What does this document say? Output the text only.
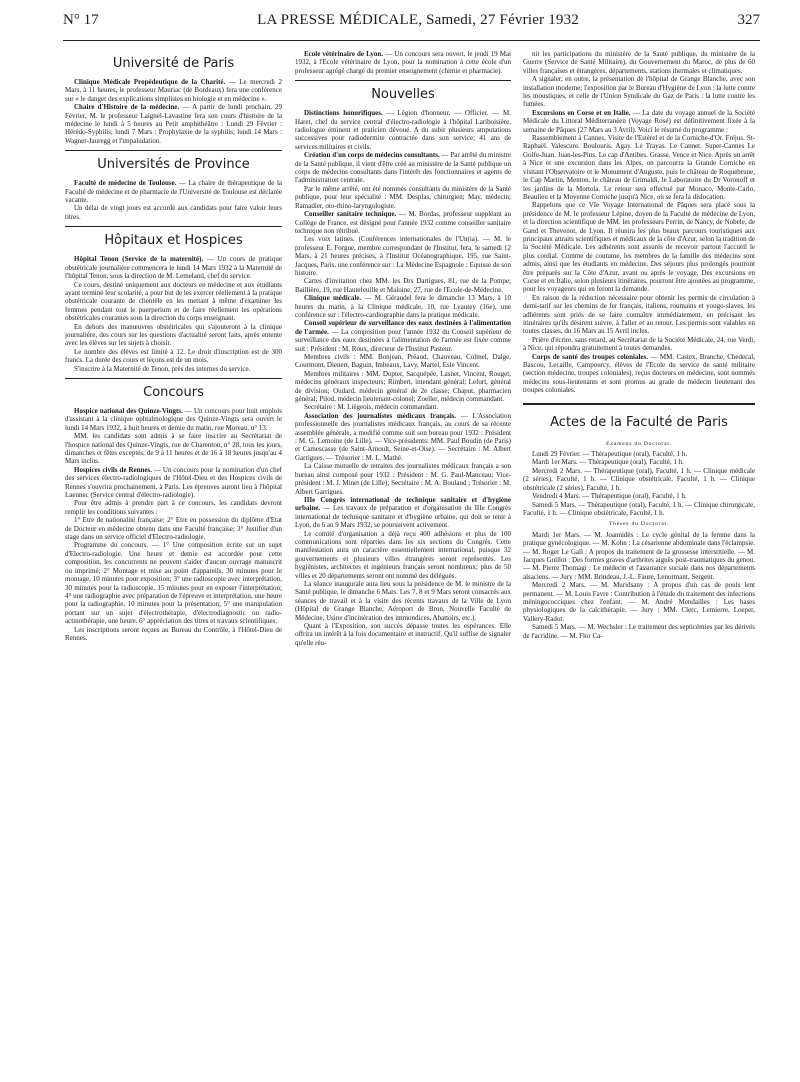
N° 17	LA PRESSE MÉDICALE, Samedi, 27 Février 1932	327
Université de Paris

Clinique Médicale Propédeutique de la Charité. — Le mercredi 2 Mars, à 11 heures, le professeur Mauriac (de Bordeaux) fera une conférence sur « le danger des explications simplistes en biologie et en médecine ».

Chaire d'Histoire de la médecine. — A partir de lundi prochain, 29 Février, M. le professeur Laignel-Lavastine fera son cours d'histoire de la médecine le lundi à 5 heures au Petit amphithéâtre : Lundi 29 Février : Hérédo-Syphilis; lundi 7 Mars : Prophylaxie de la syphilis; lundi 14 Mars : Wagner-Jauregg et l'impaludation.

Universités de Province

Faculté de médecine de Toulouse. — La chaire de thérapeutique de la Faculté de médecine et de pharmacie de l'Université de Toulouse est déclarée vacante.

Un délai de vingt jours est accordé aux candidats pour faire valoir leurs titres.

Hôpitaux et Hospices

Hôpital Tenon (Service de la maternité). — Un cours de pratique obstétricale journalière commencera le lundi 14 Mars 1932 à la Maternité de l'hôpital Tenon, sous la direction de M. Lemeland, chef du service.

Ce cours, destiné uniquement aux docteurs en médecine et aux étudiants ayant terminé leur scolarité, a pour but de les exercer réellement à la pratique obstétricale courante de clientèle en les mettant à même d'examiner les femmes pendant tout le puerperium et de faire réellement les opérations obstétricales courantes sous la direction du corps enseignant.

En dehors des manœuvres obstétricales qui s'ajouteront à la clinique journalière, des cours sur les questions d'actualité seront faits, après entente avec les élèves sur les sujets à choisir.

Le nombre des élèves est limité à 12. Le droit d'inscription est de 300 francs. La durée des cours et leçons est de un mois.

S'inscrire à la Maternité de Tenon, près des internes du service.

Concours

Hospice national des Quinze-Vingts. — Un concours pour huit emplois d'assistant à la clinique ophtalmologique des Quinze-Vingts sera ouvert le lundi 14 Mars 1932, à huit heures et demie du matin, rue Moreau, n° 13.

MM. les candidats sont admis à se faire inscrire au Secrétariat de l'hospice national des Quinze-Vingts, rue de Charenton, n° 28, tous les jours, dimanches et fêtes exceptés, de 9 à 11 heures et de 16 à 18 heures jusqu'au 4 Mars inclus.

Hospices civils de Rennes. — Un concours pour la nomination d'un chef des services électro-radiologiques de l'Hôtel-Dieu et des Hospices civils de Rennes s'ouvrira prochainement, à Paris. Les épreuves auront lieu à l'hôpital Laennec (Service central d'électro-radiologie).

Pour être admis à prendre part à ce concours, les candidats devront remplir les conditions suivantes :

1° Etre de nationalité française; 2° Etre en possession du diplôme d'Etat de Docteur en médecine obtenu dans une Faculté française; 3° Justifier d'un stage dans un service officiel d'Electro-radiologie.

Programme du concours. — 1° Une composition écrite sur un sujet d'Electro-radiologie. Une heure et demie est accordée pour cette composition, les concurrents ne peuvent s'aider d'aucun ouvrage manuscrit ou imprimé; 2° Montage et mise au point d'appareils, 30 minutes pour le montage, 10 minutes pour exposition; 3° une radioscopie avec interprétation, 30 minutes pour la radioscopie, 15 minutes pour en exposer l'interprétation; 4° une radiographie avec préparation de l'épreuve et interprétation, une heure pour la radiographie, 10 minutes pour la présentation; 5° une manipulation portant sur un sujet d'électrothérapie, d'électrodiagnostic ou radio-actinothérapie, une heure. 6° appréciation des titres et travaux scientifiques.

Les inscriptions seront reçues au Bureau du Contrôle, à l'Hôtel-Dieu de Rennes.

Ecole vétérinaire de Lyon. — Un concours sera ouvert, le jeudi 19 Mai 1932, à l'Ecole vétérinaire de Lyon, pour la nomination à cette école d'un professeur agrégé chargé du premier enseignement (chimie et pharmacie).

Nouvelles

Distinctions honorifiques. — Légion d'honneur. — Officier. — M. Haret, chef du service central d'électro-radiologie à l'hôpital Lariboisière, radiologue éminent et praticien dévoué. A du subir plusieurs amputations successives pour radiodermite contractée dans son service; 41 ans de services militaires et civils.

Création d'un corps de médecins consultants. — Par arrêté du ministre de la Santé publique, il vient d'être créé au ministère de la Santé publique un corps de médecins consultants dans l'intérêt des fonctionnaires et agents de l'administration centrale.

Par le même arrêté, ont été nommés consultants du ministère de la Santé publique, pour leur spécialité : MM. Desplas, chirurgien; May, médecin; Ramadier, oto-rhino-laryngologiste.

Conseiller sanitaire technique. — M. Bordas, professeur suppléant au Collège de France, est désigné pour l'année 1932 comme conseiller sanitaire technique non rétribué.

Les voix latines. (Conférences internationales de l'Un(ia). — M. le professeur E. Forgue, membre correspondant de l'Institut, fera, le samedi 12 Mars, à 21 heures précises, à l'Institut Océanographique, 195, rue Saint-Jacques, Paris, une conférence sur : La Médecine Espagnole : Equisse de son histoire.

Cartes d'invitation chez MM. les Drs Dartigues, 81, rue de la Pompe; Baillière, 19, rue Hautefeuille et Maloine, 27, rue de l'Ecole-de-Médecine.

Clinique médicale. — M. Géraudel fera le dimanche 13 Mars, à 10 heures du matin, à la Clinique médicale, 10, rue Lyautey (16e), une conférence sur : l'électro-cardiographie dans la pratique médicale.

Conseil supérieur de surveillance des eaux destinées à l'alimentation de l'armée. — La composition pour l'année 1932 du Conseil supérieur de surveillance des eaux destinées à l'alimentation de l'armée est fixée comme suit : Président : M. Roux, directeur de l'Institut Pasteur.

Membres civils : MM. Bonjean, Préaud, Chauveau, Colmel, Dalge, Courmont, Dienert, Baguin, Imbeaux, Lavy, Martel, Esle Vincent.

Membres militaires : MM. Dopter, Sacquépée, Lasnet, Vincent, Rouget, médecins généraux inspecteurs; Rimbert, intendant général; Lefort, général de division; Oudard, médecin général de 2e classe; Chaput, pharmacien général; Pilod, médecin lieutenant-colonel; Zoeller, médecin commandant.

Secrétaire : M. Liégeois, médecin commandant.

Association des journalistes médicaux français. — L'Association professionnelle des journalistes médicaux français, au cours de sa récente assemblée générale, a modifié comme suit son bureau pour 1932 : Président : M. G. Lemoine (de Lille). — Vice-présidents: MM. Paul Boudin (de Paris) et Camescasse (de Saint-Arnoult, Seine-et-Oise). — Secrétaire : M. Albert Garrigues. — Trésorier : M. L. Mathé.

La Caisse mutuelle de retraites des journalistes médicaux français a son bureau ainsi composé pour 1932 : Président : M. G. Paul-Manceau; Vice-président : M. J. Minet (de Lille); Secrétaire : M. A. Bouland ; Trésorier : M. Albert Garrigues.

IIIe Congrès international de technique sanitaire et d'hygiène urbaine. — Les travaux de préparation et d'organisation du IIIe Congrès international de technique sanitaire et d'hygiène urbaine, qui doit se tenir à Lyon, du 6 au 9 Mars 1932, se poursuivent activement.

Le comité d'organisation a déjà reçu 400 adhésions et plus de 100 communications sont réparties dans les six sections du Congrès. Cette manifestation aura un caractère essentiellement international, puisque 32 gouvernements et plusieurs villes étrangères seront représentés. Les hygiénistes, architectes et ingénieurs français seront nombreux; plus de 50 villes et 20 départements seront ont nommé des délégués.

La séance inaugurale aura lieu sous la présidence de M. le ministre de la Santé publique, le dimanche 6 Mars. Les 7, 8 et 9 Mars seront consacrés aux séances de travail et à la visite des récents travaux de la Ville de Lyon (Hôpital de Grange Blanche, Aéroport de Bron, Nouvelle Faculté de Médecine, Usine d'incinération des immondices, Abattoirs, etc.).

Quant à l'Exposition, son succès dépasse toutes les espérances. Elle offrira un intérêt à la fois documentaire et instructif. Qu'il suffise de signaler qu'elle réu-

nit les participations du ministère de la Santé publique, du ministère de la Guerre (Service de Santé Militaire), du Gouvernement du Maroc, de plus de 60 villes françaises et étrangères, départements, stations thermales et climatiques.

A signaler, en outre, la présentation de l'hôpital de Grange Blanche, avec son installation moderne; l'exposition par le Bureau d'Hygiène de Lyon : la lutte contre les moustiques, et celle de l'Union Syndicale du Gaz de Paris : la lutte contre les fumées.

Excursions en Corse et en Italie. — La date du voyage annuel de la Société Médicale du Littoral Méditerranéen (Voyage Rosé) est définitivement fixée à la semaine de Pâques (27 Mars au 3 Avril). Voici le résumé du programme :

Rassemblement à Cannes, Visite de l'Estérel et de la Corniche-d'Or. Fréjus. St-Raphaël. Valescure. Boulouris. Agay. Le Trayas. Le Cannet. Super-Cannes Le Golfe-Juan. Juan-les-Pins. Le cap d'Antibes. Grasse. Vence et Nice. Après un arrêt à Nice et une excursion dans les Alpes, on parcourra la Grande Corniche en visitant l'Observatoire et le Monument d'Auguste, puis le château de Roquebrune, le Cap Martin, Menton, le château de Grimaldi, le Laboratoire du Dr Voronoff et les jardins de la Mortola. Le retour sera effectué par Monaco, Monte-Carlo, Beaulieu et la Moyenne Corniche jusqu'à Nice, où se fera la dislocation.

Rappelons que ce VIe Voyage International de Pâques sera placé sous la présidence de M. le professeur Lépine, doyen de la Faculté de médecine de Lyon, et la direction scientifique de MM. les professeurs Perrin, de Nancy, de Nobele, de Gand et Thevenot, de Lyon. Il réunira les plus beaux parcours touristiques aux principaux attraits scientifiques et médicaux de la côte d'Azur, selon la tradition de la Société Médicale. Les adhérents sont assurés de recevoir partout l'accueil le plus cordial. Comme de coutume, les membres de la famille des médecins sont admis, ainsi que les étudiants en médecine. Des séjours plus prolongés pourront être préparés sur la Côte d'Azur, avant ou après le voyage. Des excursions en Corse et en Italie, selon plusieurs itinéraires, pourront être ajoutées au programme, pour les voyageurs qui en feront la demande.

En raison de la réduction nécessaire pour obtenir les permis de circulation à demi-tarif sur les chemins de fer français, italiens, roumains et yougo-slaves, les adhérents sont priés de se faire connaître immédiatement, en précisant les itinéraires qu'ils désirent suivre, à l'aller et au retour. Les permis sont valables en toutes classes, du 16 Mars au 15 Avril inclus.

Prière d'écrire, sans retard, au Secrétariat de la Société Médicale, 24, rue Verdi, à Nice, qui répondra gratuitement à toutes demandes.

Corps de santé des troupes coloniales. — MM. Castex, Branche, Chedecal, Bascou, Lecaille, Campourcy, élèves de l'Ecole du service de santé militaire (section médecine, troupes coloniales), reçus docteurs en médecine, sont nommés médecins sous-lieutenants et sont promus au grade de médecin lieutenant des troupes coloniales.

Actes de la Faculté de Paris

Examens du Doctorat.

Lundi 29 Février. — Thérapeutique (oral), Faculté, 1 h.

Mardi 1er Mars. — Thérapeutique (oral), Faculté, 1 h.

Mercredi 2 Mars. — Thérapeutique (oral), Faculté, 1 h. — Clinique médicale (2 séries), Faculté, 1 h. — Clinique obstétricale, Faculté, 1 h. — Clinique obstétricale (2 séries), Faculté, 1 h.

Vendredi 4 Mars. — Thérapeutique (oral), Faculté, 1 h.

Samedi 5 Mars. — Thérapeutique (oral), Faculté, 1 h. — Clinique chirurgicale, Faculté, 1 h. — Clinique obstétricale, Faculté, 1 h.

Thèses du Doctorat.

Mardi 1er Mars. — M. Joannidès : Le cycle génital de la femme dans la pratique gynécologique. — M. Kohn : La césarienne abdominale dans l'éclampsie. — M. Roger Le Gall : A propos du traitement de la grossesse interstitielle. — M. Jacques Guillot : Des formes graves d'arthrites aiguës post-traumatiques du genou. — M. Pierre Thomagi : Le médecin et l'assurance sociale dans nos départements alsaciens. — Jury : MM. Brindeau, J.-L. Faure, Lenormant, Sergent.

Mercredi 2 Mars. — M. Muridsany : A propos d'un cas de pouls lent permanent. — M. Louis Favre : Contribution à l'étude du traitement des infections méningococciques chez l'enfant. — M. André Mendailles : Les bases physiologiques de la calcithérapie. — Jury : MM. Clerc, Lemierre, Loeper, Vallery-Radot.

Samedi 5 Mars. — M. Wechsler : Le traitement des septicémies par les dérivés de l'acridine. — M. Flor Ca-
